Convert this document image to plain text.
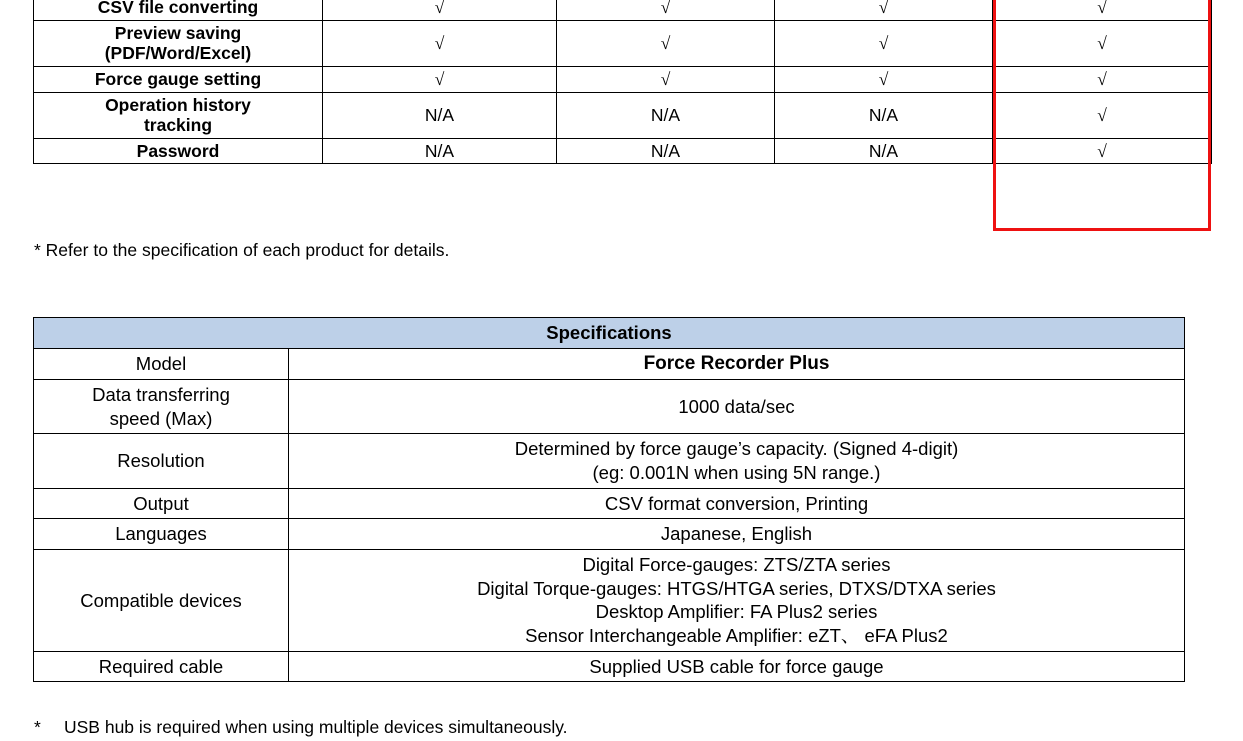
CSV file converting	√	√	√	√

Preview saving
(PDF/Word/Excel)	√	√	√	√
Force gauge setting	√	√	√	√

Operation history
tracking	N/A	N/A	N/A	√
Password	N/A	N/A	N/A	√
* Refer to the specification of each product for details.
Specifications	
Model	Force Recorder Plus

Data transferring
speed (Max)	1000 data/sec
Resolution	Determined by force gauge’s capacity. (Signed 4-digit)
(eg: 0.001N when using 5N range.)

Output	CSV format conversion, Printing
Languages	Japanese, English
Compatible devices	Digital Force-gauges: ZTS/ZTA series
Digital Torque-gauges: HTGS/HTGA series, DTXS/DTXA series
Desktop Amplifier: FA Plus2 series
Sensor Interchangeable Amplifier: eZT、 eFA Plus2

Required cable	Supplied USB cable for force gauge
* USB hub is required when using multiple devices simultaneously.
